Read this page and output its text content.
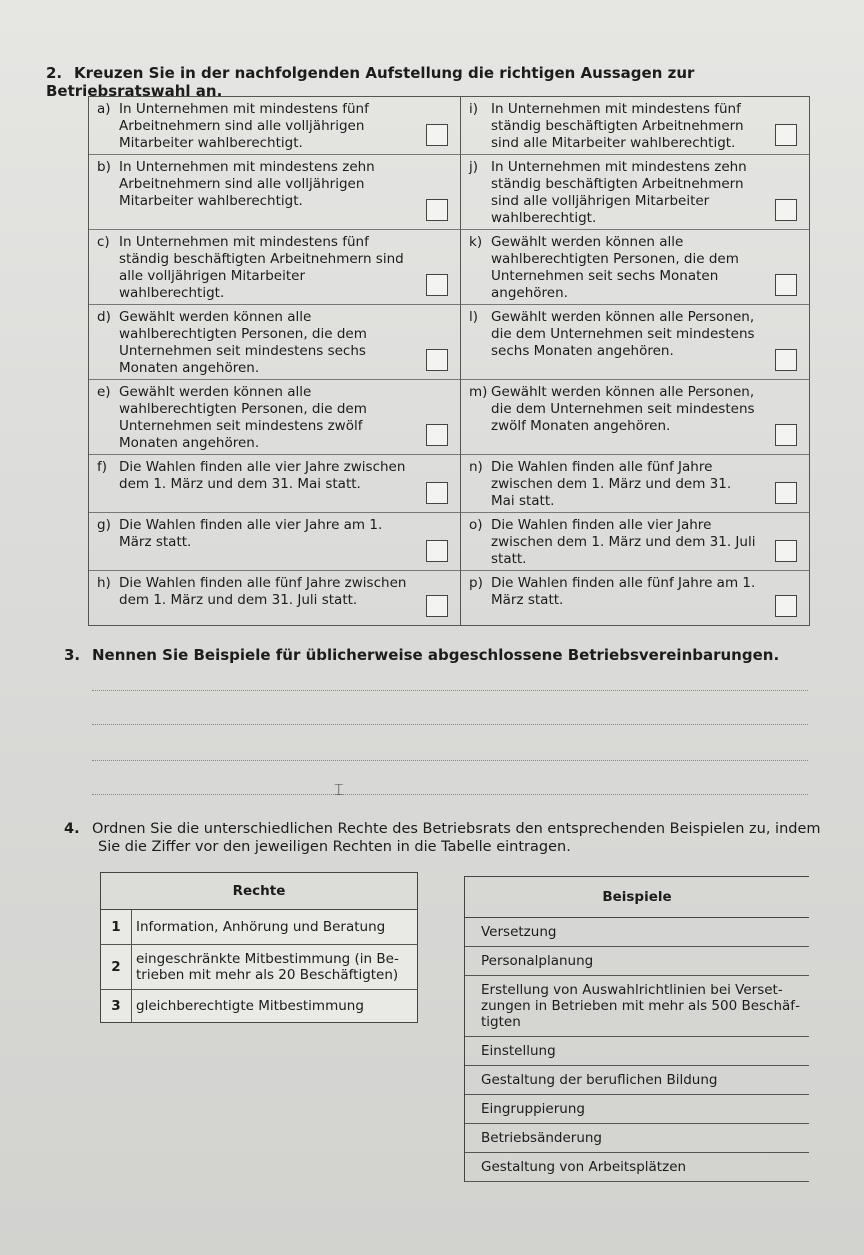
2. Kreuzen Sie in der nachfolgenden Aufstellung die richtigen Aussagen zur Betriebsratswahl an.
a) In Unternehmen mit mindestens fünf Arbeitnehmern sind alle volljährigen Mitarbeiter wahlberechtigt.
i) In Unternehmen mit mindestens fünf ständig beschäftigten Arbeitnehmern sind alle Mitarbeiter wahlberechtigt.
b) In Unternehmen mit mindestens zehn Arbeitnehmern sind alle volljährigen Mitarbeiter wahlberechtigt.
j) In Unternehmen mit mindestens zehn ständig beschäftigten Arbeitnehmern sind alle volljährigen Mitarbeiter wahlberechtigt.
c) In Unternehmen mit mindestens fünf ständig beschäftigten Arbeitnehmern sind alle volljährigen Mitarbeiter wahlberechtigt.
k) Gewählt werden können alle wahlberechtigten Personen, die dem Unternehmen seit sechs Monaten angehören.
d) Gewählt werden können alle wahlberechtigten Personen, die dem Unternehmen seit mindestens sechs Monaten angehören.
l) Gewählt werden können alle Personen, die dem Unternehmen seit mindestens sechs Monaten angehören.
e) Gewählt werden können alle wahlberechtigten Personen, die dem Unternehmen seit mindestens zwölf Monaten angehören.
m) Gewählt werden können alle Personen, die dem Unternehmen seit mindestens zwölf Monaten angehören.
f) Die Wahlen finden alle vier Jahre zwischen dem 1. März und dem 31. Mai statt.
n) Die Wahlen finden alle fünf Jahre zwischen dem 1. März und dem 31. Mai statt.
g) Die Wahlen finden alle vier Jahre am 1. März statt.
o) Die Wahlen finden alle vier Jahre zwischen dem 1. März und dem 31. Juli statt.
h) Die Wahlen finden alle fünf Jahre zwischen dem 1. März und dem 31. Juli statt.
p) Die Wahlen finden alle fünf Jahre am 1. März statt.
3. Nennen Sie Beispiele für üblicherweise abgeschlossene Betriebsvereinbarungen.
⌶
4. Ordnen Sie die unterschiedlichen Rechte des Betriebsrats den entsprechenden Beispielen zu, indem
Sie die Ziffer vor den jeweiligen Rechten in die Tabelle eintragen.
Rechte	
1	Information, Anhörung und Beratung
2	eingeschränkte Mitbestimmung (in Betrieben mit mehr als 20 Beschäftigten)
3	gleichberechtigte Mitbestimmung
Beispiele
Versetzung
Personalplanung
Erstellung von Auswahlrichtlinien bei Versetzungen in Betrieben mit mehr als 500 Beschäftigten
Einstellung
Gestaltung der beruflichen Bildung
Eingruppierung
Betriebsänderung
Gestaltung von Arbeitsplätzen
